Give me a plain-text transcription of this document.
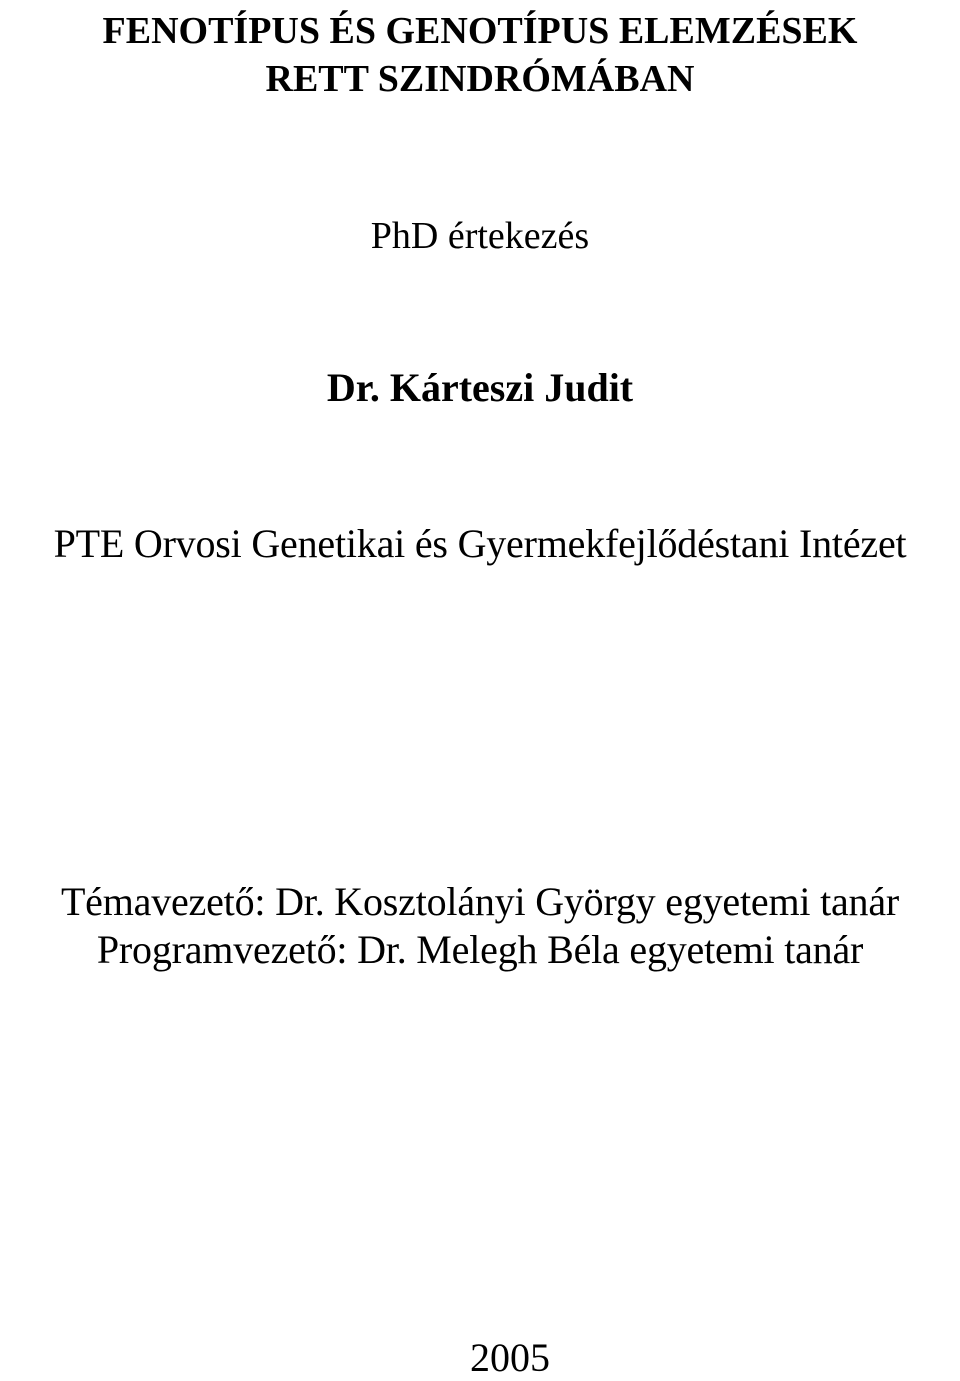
FENOTÍPUS ÉS GENOTÍPUS ELEMZÉSEK
RETT SZINDRÓMÁBAN

PhD értekezés

Dr. Kárteszi Judit

PTE Orvosi Genetikai és Gyermekfejlődéstani Intézet

Témavezető: Dr. Kosztolányi György egyetemi tanár

Programvezető: Dr. Melegh Béla egyetemi tanár

2005
